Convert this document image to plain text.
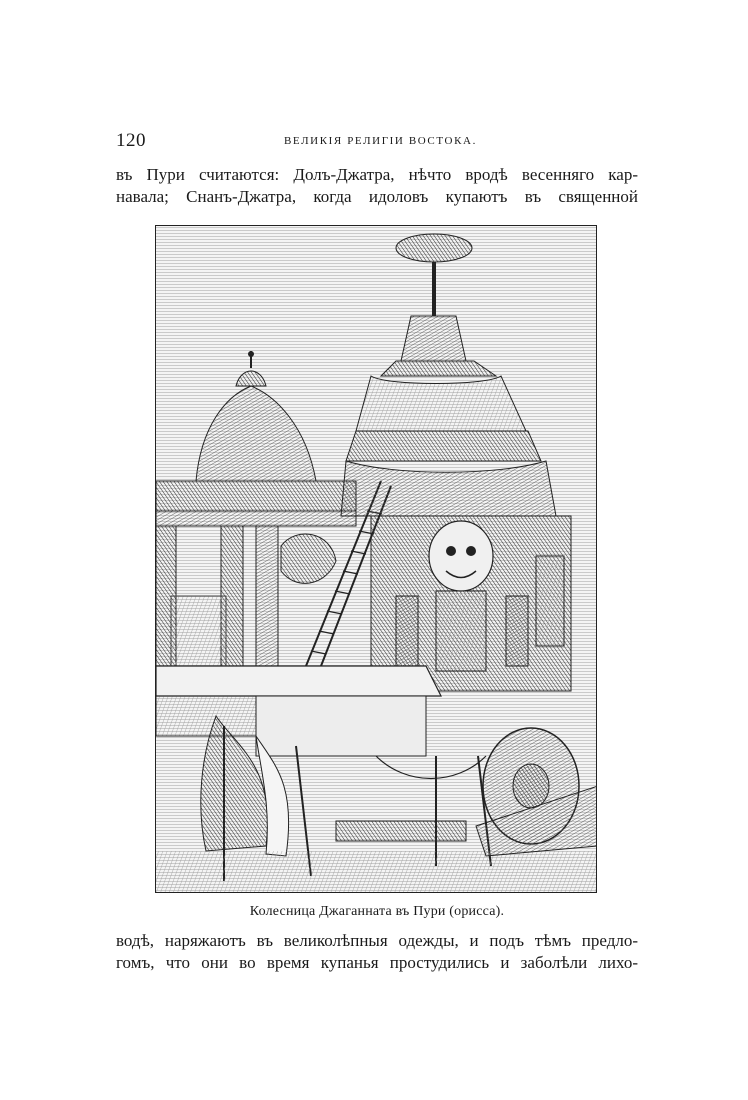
120	ВЕЛИКІЯ РЕЛИГІИ ВОСТОКА.
въ Пури считаются: Долъ-Джатра, нѣчто вродѣ весенняго кар-
навала; Снанъ-Джатра, когда идоловъ купаютъ въ священной
Колесница Джаганната въ Пури (орисса).
водѣ, наряжаютъ въ великолѣпныя одежды, и подъ тѣмъ предло-
гомъ, что они во время купанья простудились и заболѣли лихо-
